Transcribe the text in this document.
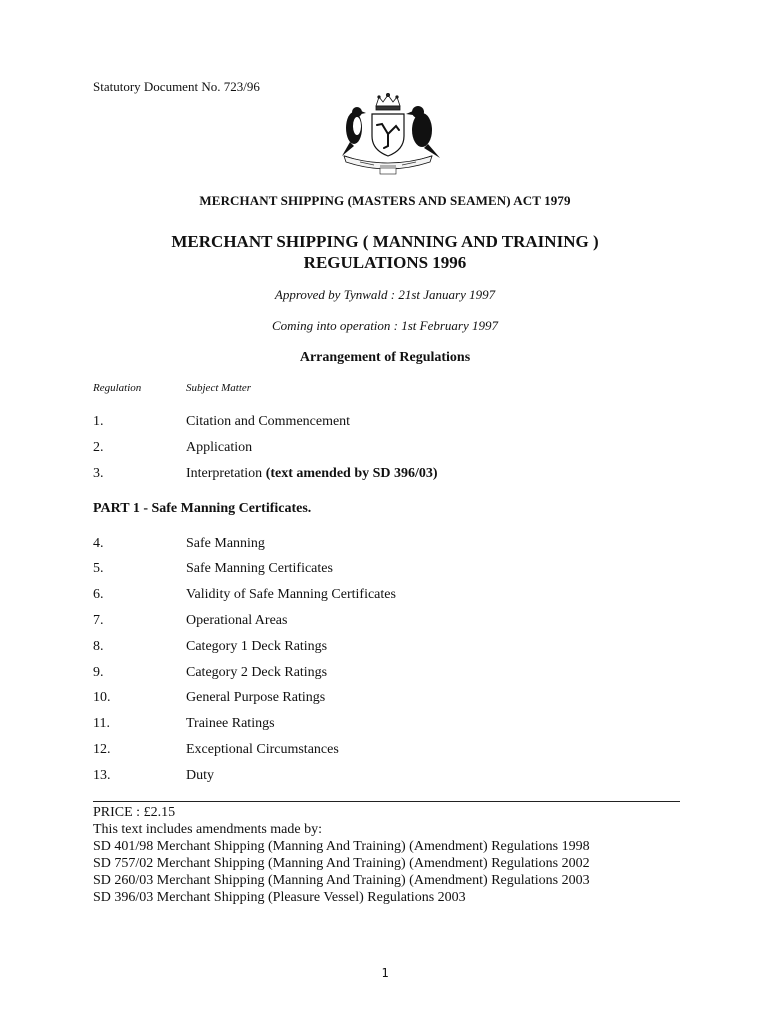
Statutory Document No. 723/96
MERCHANT SHIPPING (MASTERS AND SEAMEN) ACT 1979
MERCHANT SHIPPING ( MANNING AND TRAINING )
REGULATIONS 1996
Approved by Tynwald : 21st January 1997
Coming into operation : 1st February 1997
Arrangement of Regulations
Regulation	Subject Matter
1.	Citation and Commencement
2.	Application
3.	Interpretation (text amended by SD 396/03)
PART 1 - Safe Manning Certificates.
4.	Safe Manning
5.	Safe Manning Certificates
6.	Validity of Safe Manning Certificates
7.	Operational Areas
8.	Category 1 Deck Ratings
9.	Category 2 Deck Ratings
10.	General Purpose Ratings
11.	Trainee Ratings
12.	Exceptional Circumstances
13.	Duty
PRICE : £2.15
This text includes amendments made by:
SD 401/98 Merchant Shipping (Manning And Training) (Amendment) Regulations 1998
SD 757/02 Merchant Shipping (Manning And Training) (Amendment) Regulations 2002
SD 260/03 Merchant Shipping (Manning And Training) (Amendment) Regulations 2003
SD 396/03 Merchant Shipping (Pleasure Vessel) Regulations 2003
1
